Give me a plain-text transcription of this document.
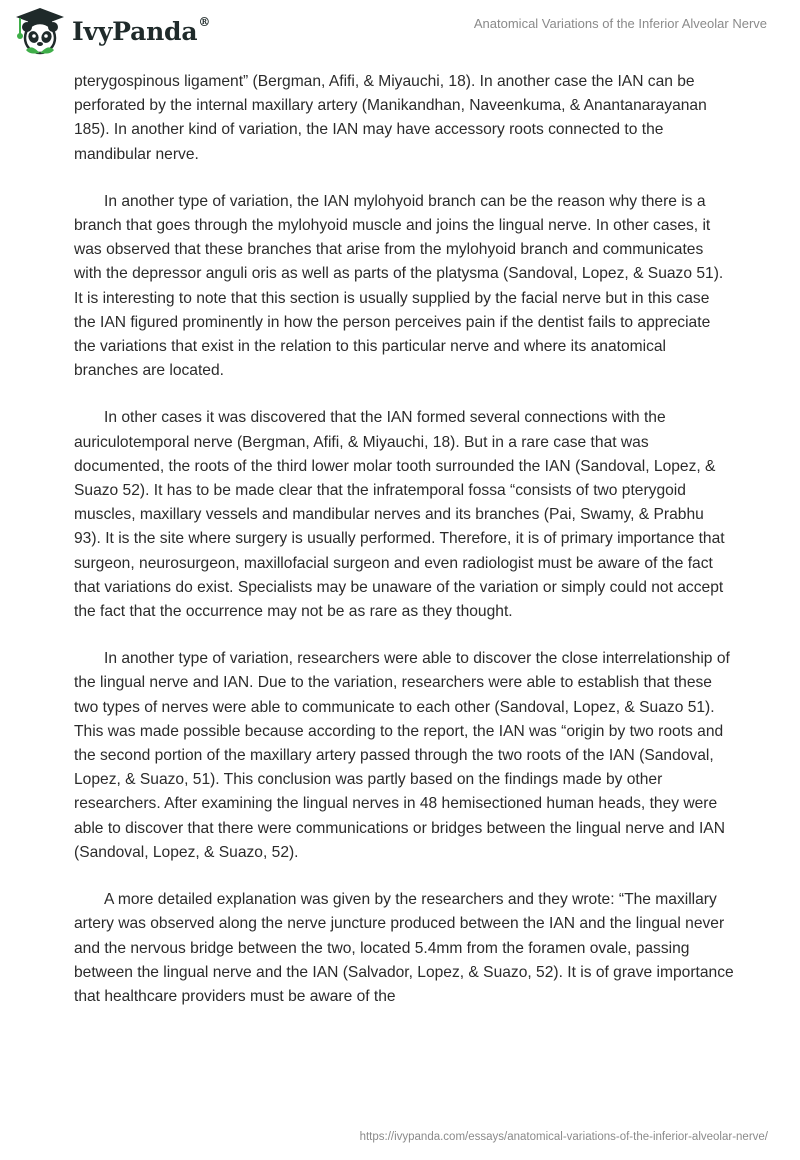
IvyPanda®	Anatomical Variations of the Inferior Alveolar Nerve

pterygospinous ligament” (Bergman, Afifi, & Miyauchi, 18). In another case the IAN can be perforated by the internal maxillary artery (Manikandhan, Naveenkuma, & Anantanarayanan 185). In another kind of variation, the IAN may have accessory roots connected to the mandibular nerve.

In another type of variation, the IAN mylohyoid branch can be the reason why there is a branch that goes through the mylohyoid muscle and joins the lingual nerve. In other cases, it was observed that these branches that arise from the mylohyoid branch and communicates with the depressor anguli oris as well as parts of the platysma (Sandoval, Lopez, & Suazo 51). It is interesting to note that this section is usually supplied by the facial nerve but in this case the IAN figured prominently in how the person perceives pain if the dentist fails to appreciate the variations that exist in the relation to this particular nerve and where its anatomical branches are located.

In other cases it was discovered that the IAN formed several connections with the auriculotemporal nerve (Bergman, Afifi, & Miyauchi, 18). But in a rare case that was documented, the roots of the third lower molar tooth surrounded the IAN (Sandoval, Lopez, & Suazo 52). It has to be made clear that the infratemporal fossa “consists of two pterygoid muscles, maxillary vessels and mandibular nerves and its branches (Pai, Swamy, & Prabhu 93). It is the site where surgery is usually performed. Therefore, it is of primary importance that surgeon, neurosurgeon, maxillofacial surgeon and even radiologist must be aware of the fact that variations do exist. Specialists may be unaware of the variation or simply could not accept the fact that the occurrence may not be as rare as they thought.

In another type of variation, researchers were able to discover the close interrelationship of the lingual nerve and IAN. Due to the variation, researchers were able to establish that these two types of nerves were able to communicate to each other (Sandoval, Lopez, & Suazo 51). This was made possible because according to the report, the IAN was “origin by two roots and the second portion of the maxillary artery passed through the two roots of the IAN (Sandoval, Lopez, & Suazo, 51). This conclusion was partly based on the findings made by other researchers. After examining the lingual nerves in 48 hemisectioned human heads, they were able to discover that there were communications or bridges between the lingual nerve and IAN (Sandoval, Lopez, & Suazo, 52).

A more detailed explanation was given by the researchers and they wrote: “The maxillary artery was observed along the nerve juncture produced between the IAN and the lingual never and the nervous bridge between the two, located 5.4mm from the foramen ovale, passing between the lingual nerve and the IAN (Salvador, Lopez, & Suazo, 52). It is of grave importance that healthcare providers must be aware of the

https://ivypanda.com/essays/anatomical-variations-of-the-inferior-alveolar-nerve/
